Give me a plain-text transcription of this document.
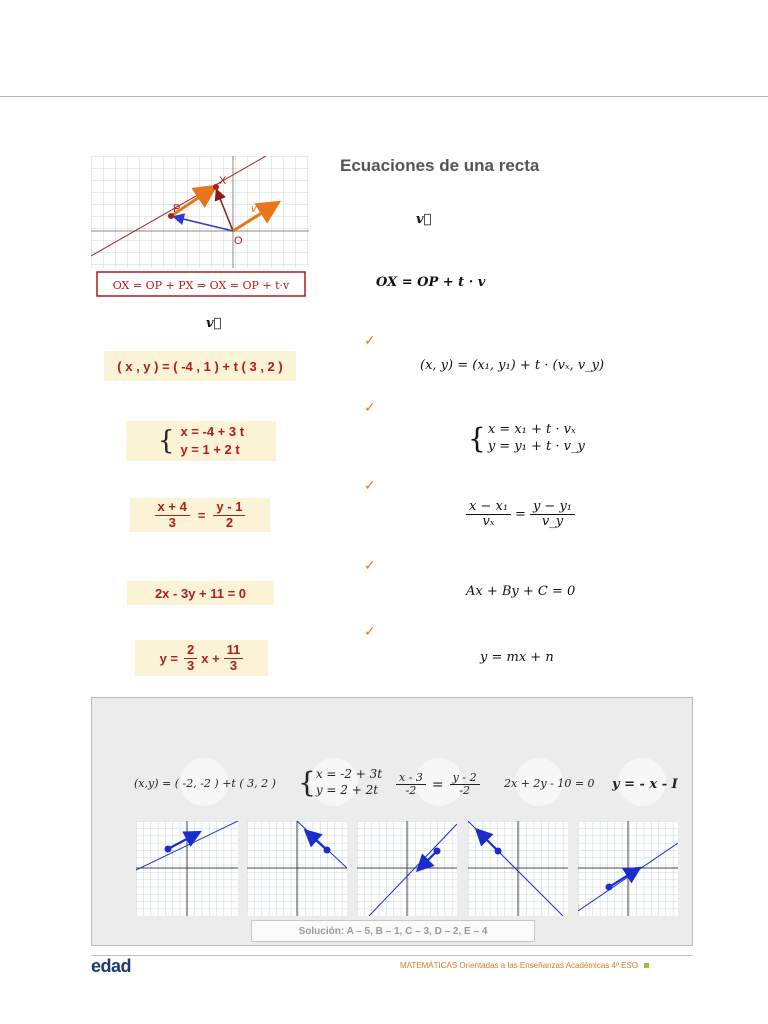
P
X
O
v
OX = OP + PX ⇒ OX = OP + t·v
Ecuaciones de una recta
v⃗
OX = OP + t · v
v⃗
✓
✓
✓
✓
✓
( x , y ) = ( -4 , 1 ) + t ( 3 , 2 )
{ x = -4 + 3 t
y = 1 + 2 t
$\frac{x + 4}{3} = \frac{y - 1}{2}$
2x - 3y + 11 = 0
$y = \frac{2}{3}$ $x + \frac{11}{3}$
(x, y) = (x₁, y₁) + t · (vₓ, v_y)
{ x = x₁ + t · vₓ
y = y₁ + t · v_y
$\frac{\text{x − x₁}}{\text{vₓ}} = \frac{\text{y − y₁}}{v\_y}$
Ax + By + C = 0
y = mx + n
(x,y) = ( -2, -2 ) +t ( 3, 2 ) { x = -2 + 3t
y = 2 + 2t	$\frac{x - 3}{-2} = \frac{y - 2}{-2} 2x + 2y - 10 = 0$ y = - x - I
Solución: A – 5, B – 1, C – 3, D – 2, E – 4
edad	MATEMÁTICAS Orientadas a las Enseñanzas Académicas 4º ESO
